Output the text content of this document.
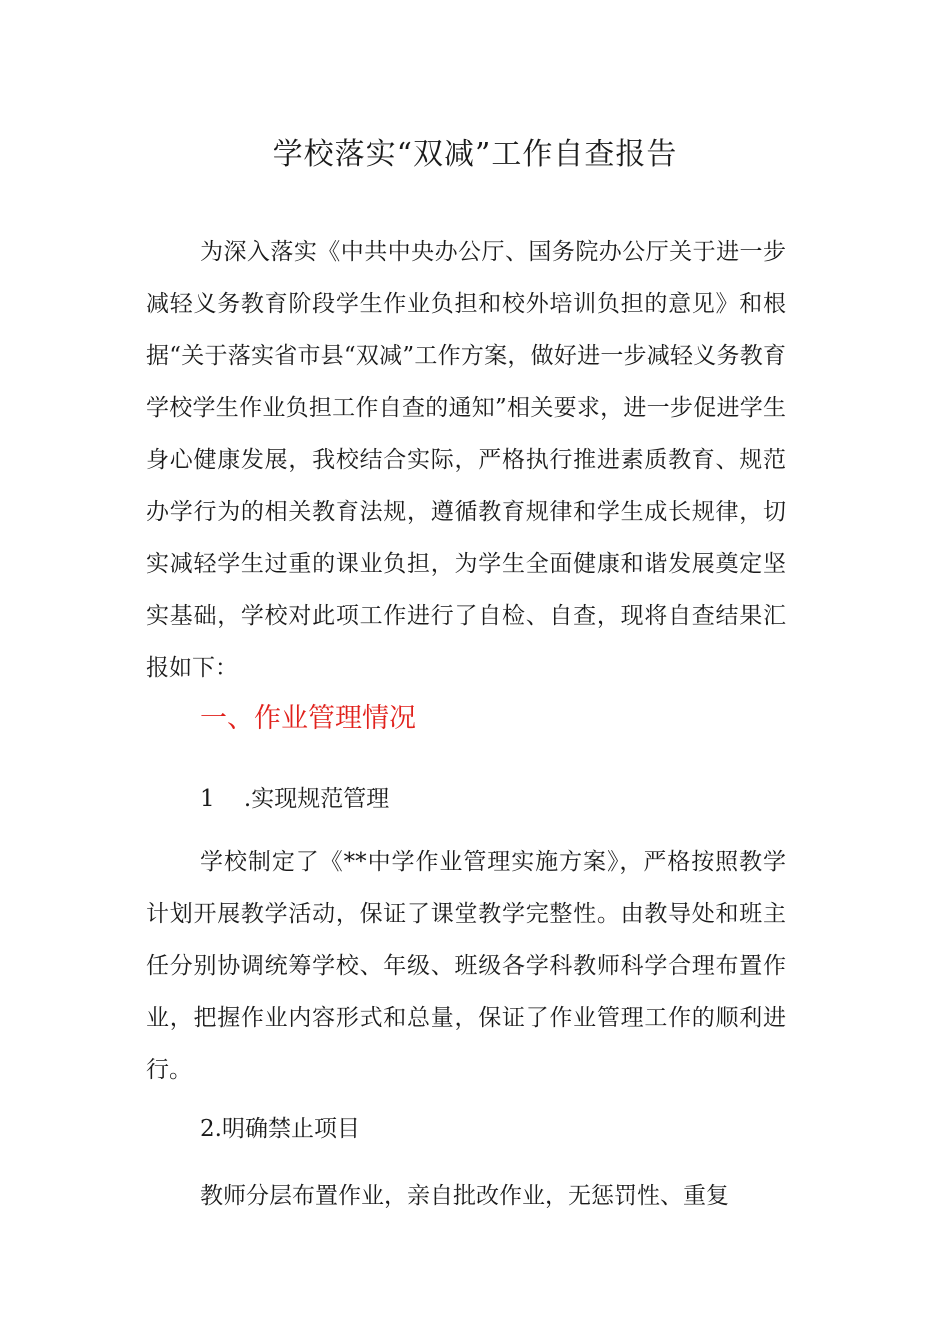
学校落实“双减”工作自查报告

为深入落实《中共中央办公厅、国务院办公厅关于进一步减轻义务教育阶段学生作业负担和校外培训负担的意见》和根据“关于落实省市县“双减”工作方案，做好进一步减轻义务教育学校学生作业负担工作自查的通知”相关要求，进一步促进学生身心健康发展，我校结合实际，严格执行推进素质教育、规范办学行为的相关教育法规，遵循教育规律和学生成长规律，切实减轻学生过重的课业负担，为学生全面健康和谐发展奠定坚实基础，学校对此项工作进行了自检、自查，现将自查结果汇报如下：

一、作业管理情况
1    .实现规范管理

学校制定了《**中学作业管理实施方案》，严格按照教学计划开展教学活动，保证了课堂教学完整性。由教导处和班主任分别协调统筹学校、年级、班级各学科教师科学合理布置作业，把握作业内容形式和总量，保证了作业管理工作的顺利进行。

2.明确禁止项目

教师分层布置作业，亲自批改作业，无惩罚性、重复
